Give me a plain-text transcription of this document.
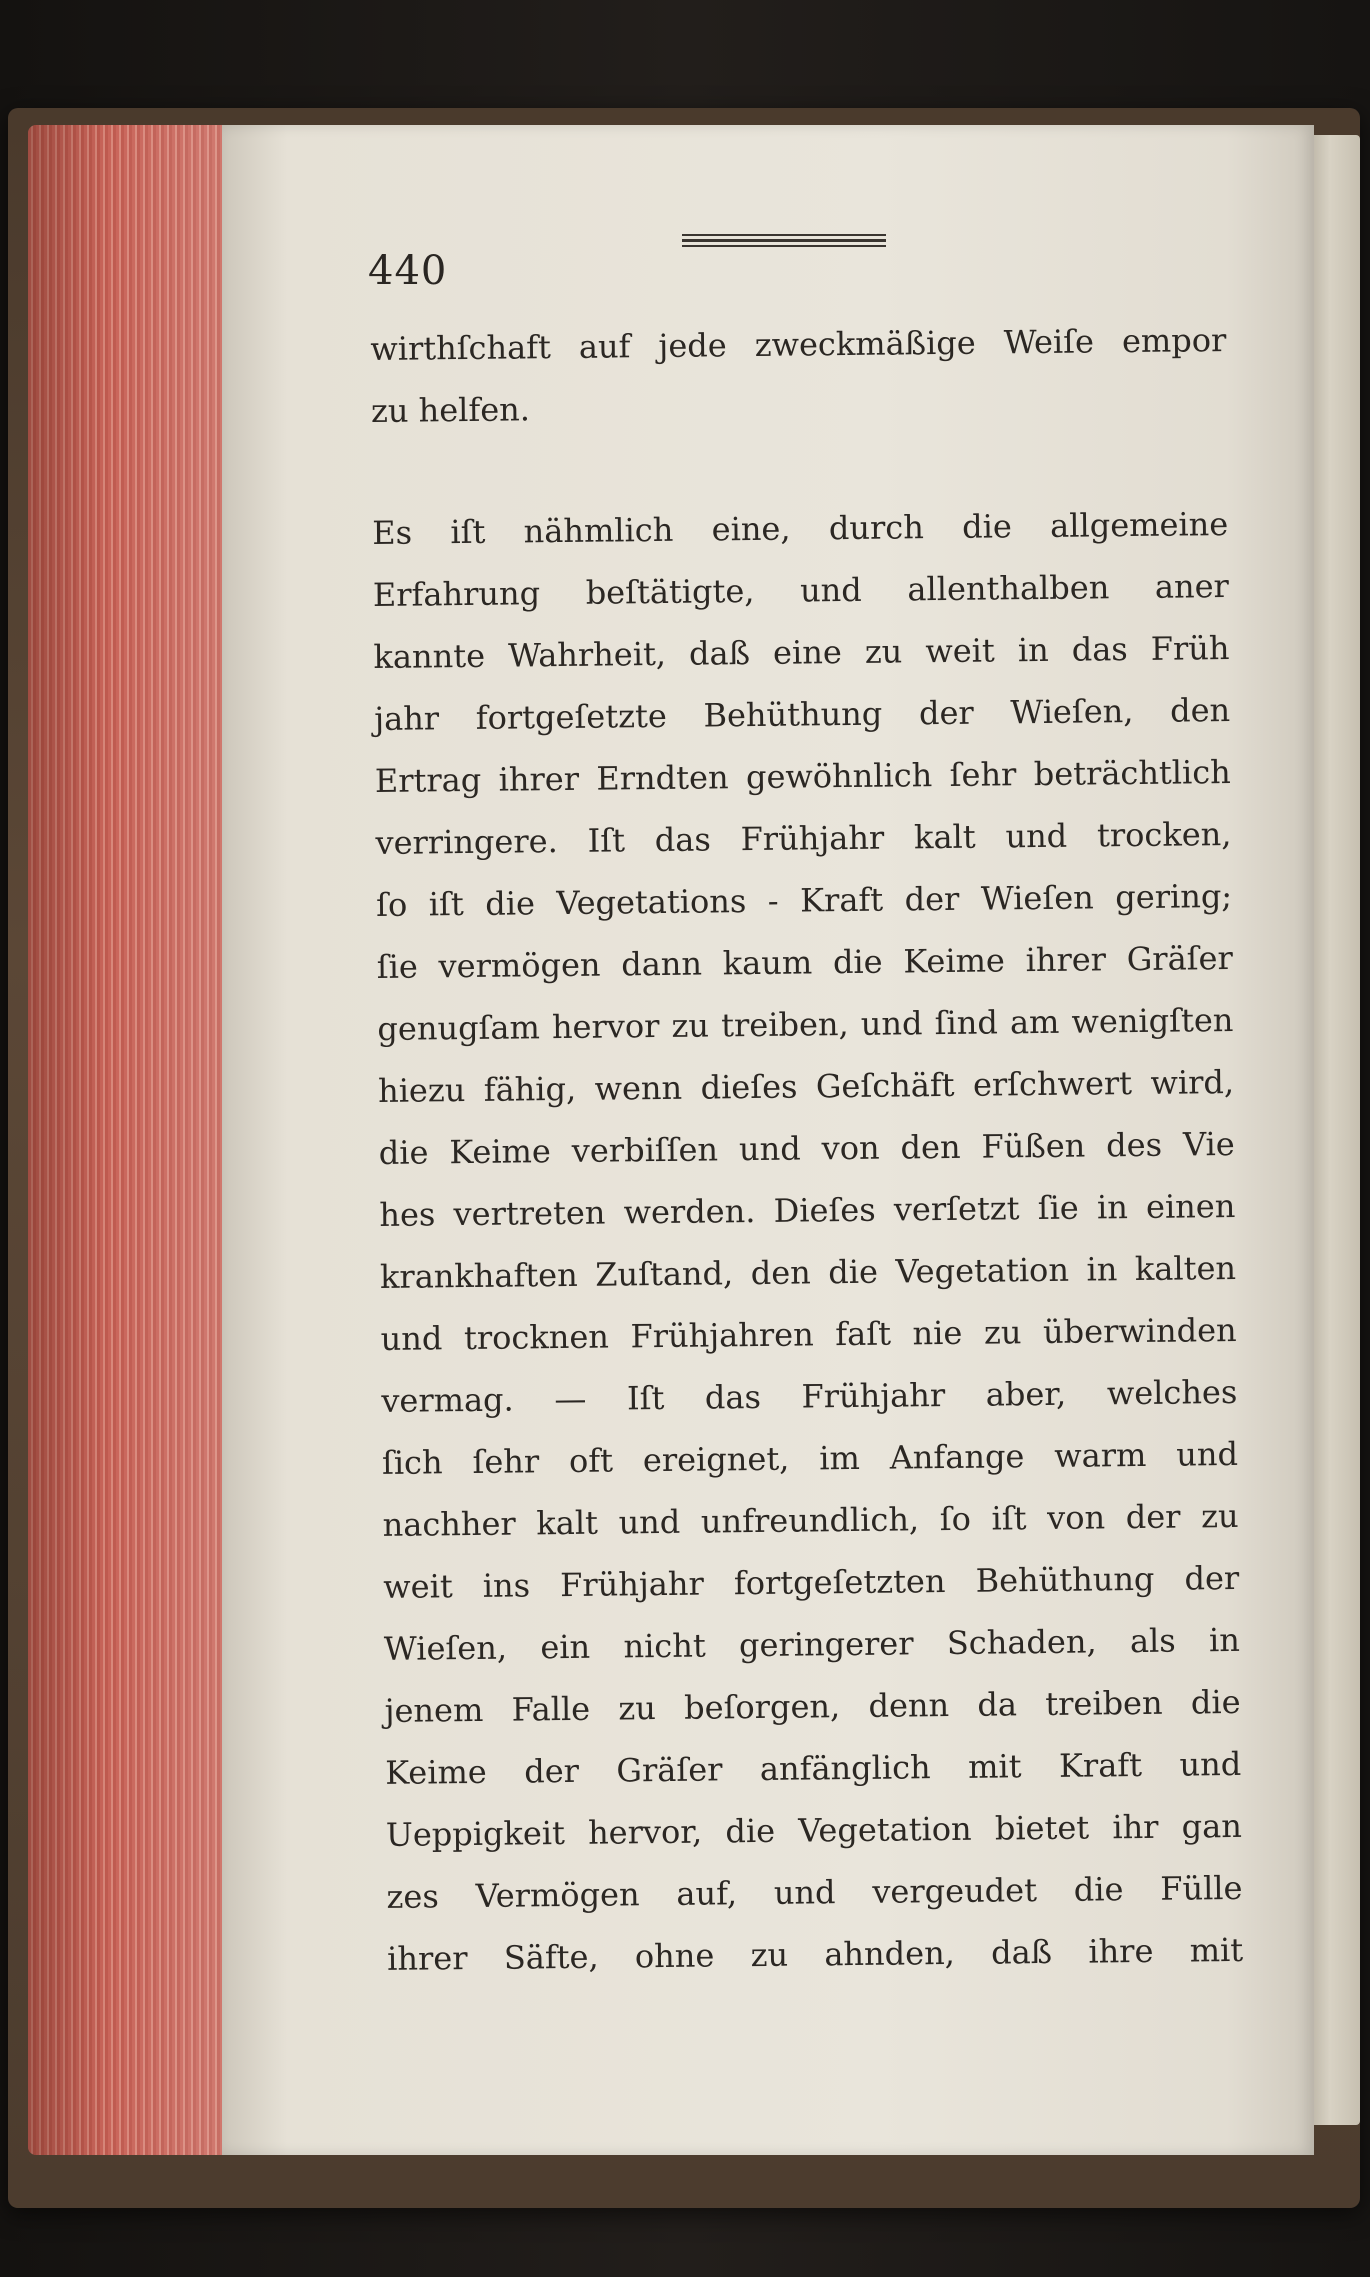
440
wirthſchaft auf jede zweckmäßige Weiſe empor
zu helfen.
Es iſt nähmlich eine, durch die allgemeine
Erfahrung beſtätigte, und allenthalben aner
kannte Wahrheit, daß eine zu weit in das Früh
jahr fortgeſetzte Behüthung der Wieſen, den
Ertrag ihrer Erndten gewöhnlich ſehr beträchtlich
verringere. Iſt das Frühjahr kalt und trocken,
ſo iſt die Vegetations - Kraft der Wieſen gering;
ſie vermögen dann kaum die Keime ihrer Gräſer
genugſam hervor zu treiben, und ſind am wenigſten
hiezu fähig, wenn dieſes Geſchäft erſchwert wird,
die Keime verbiſſen und von den Füßen des Vie
hes vertreten werden. Dieſes verſetzt ſie in einen
krankhaften Zuſtand, den die Vegetation in kalten
und trocknen Frühjahren faſt nie zu überwinden
vermag. — Iſt das Frühjahr aber, welches
ſich ſehr oft ereignet, im Anfange warm und
nachher kalt und unfreundlich, ſo iſt von der zu
weit ins Frühjahr fortgeſetzten Behüthung der
Wieſen, ein nicht geringerer Schaden, als in
jenem Falle zu beſorgen, denn da treiben die
Keime der Gräſer anfänglich mit Kraft und
Ueppigkeit hervor, die Vegetation bietet ihr gan
zes Vermögen auf, und vergeudet die Fülle
ihrer Säfte, ohne zu ahnden, daß ihre mit
